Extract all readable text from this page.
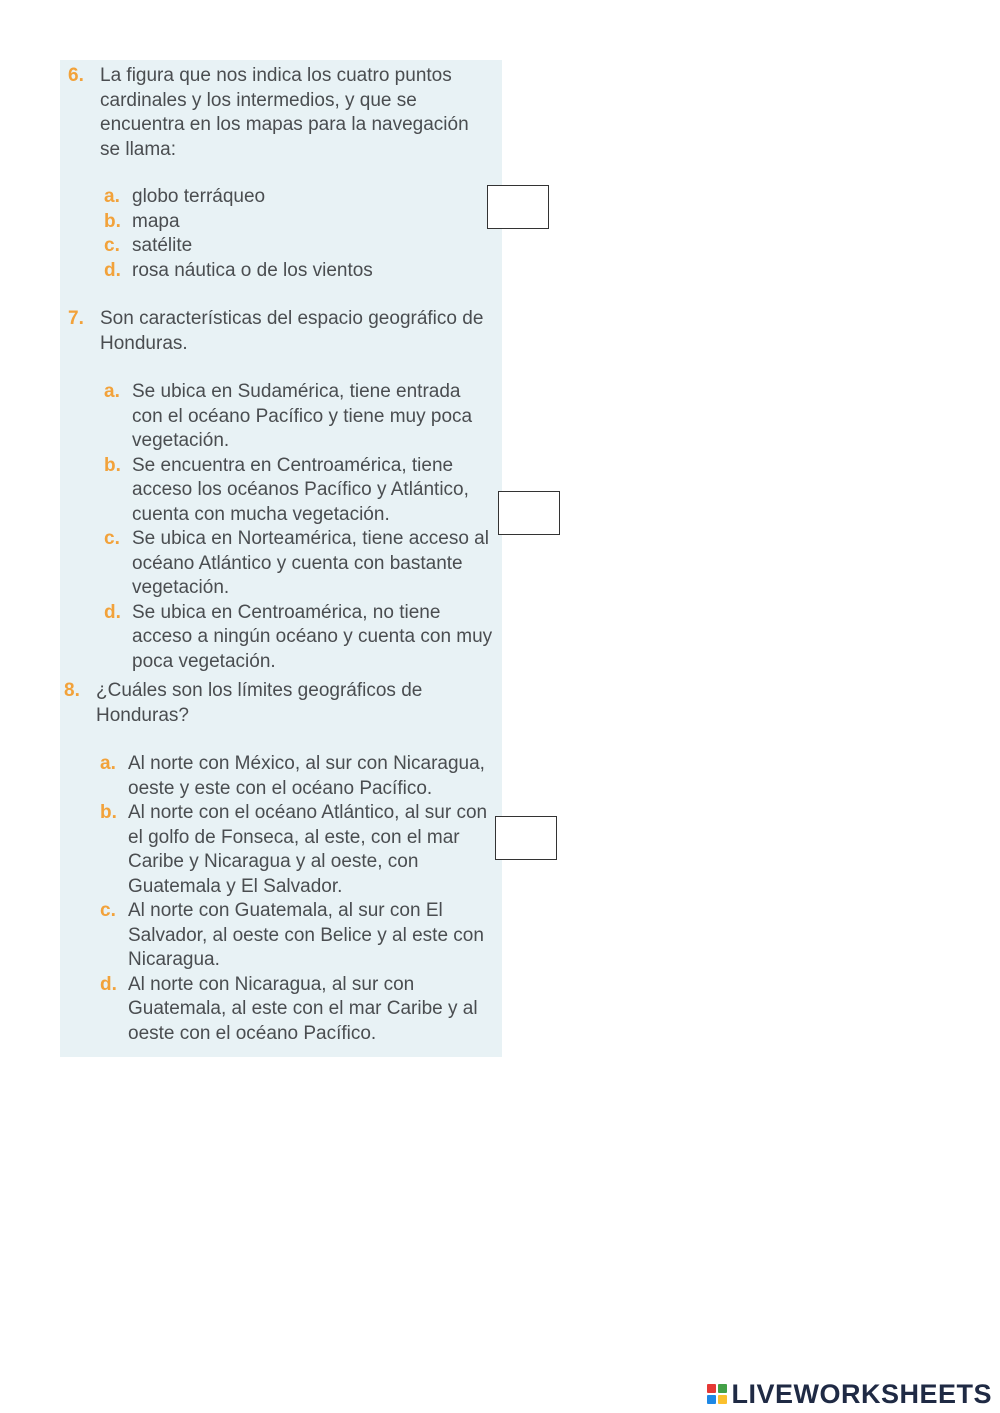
6. La figura que nos indica los cuatro puntos cardinales y los intermedios, y que se encuentra en los mapas para la navegación se llama:
a. globo terráqueo
b. mapa
c. satélite
d. rosa náutica o de los vientos
7. Son características del espacio geográfico de Honduras.
a. Se ubica en Sudamérica, tiene entrada con el océano Pacífico y tiene muy poca vegetación.
b. Se encuentra en Centroamérica, tiene acceso los océanos Pacífico y Atlántico, cuenta con mucha vegetación.
c. Se ubica en Norteamérica, tiene acceso al océano Atlántico y cuenta con bastante vegetación.
d. Se ubica en Centroamérica, no tiene acceso a ningún océano y cuenta con muy poca vegetación.
8. ¿Cuáles son los límites geográficos de Honduras?
a. Al norte con México, al sur con Nicaragua, oeste y este con el océano Pacífico.
b. Al norte con el océano Atlántico, al sur con el golfo de Fonseca, al este, con el mar Caribe y Nicaragua y al oeste, con Guatemala y El Salvador.
c. Al norte con Guatemala, al sur con El Salvador, al oeste con Belice y al este con Nicaragua.
d. Al norte con Nicaragua, al sur con Guatemala, al este con el mar Caribe y al oeste con el océano Pacífico.
LIVEWORKSHEETS
